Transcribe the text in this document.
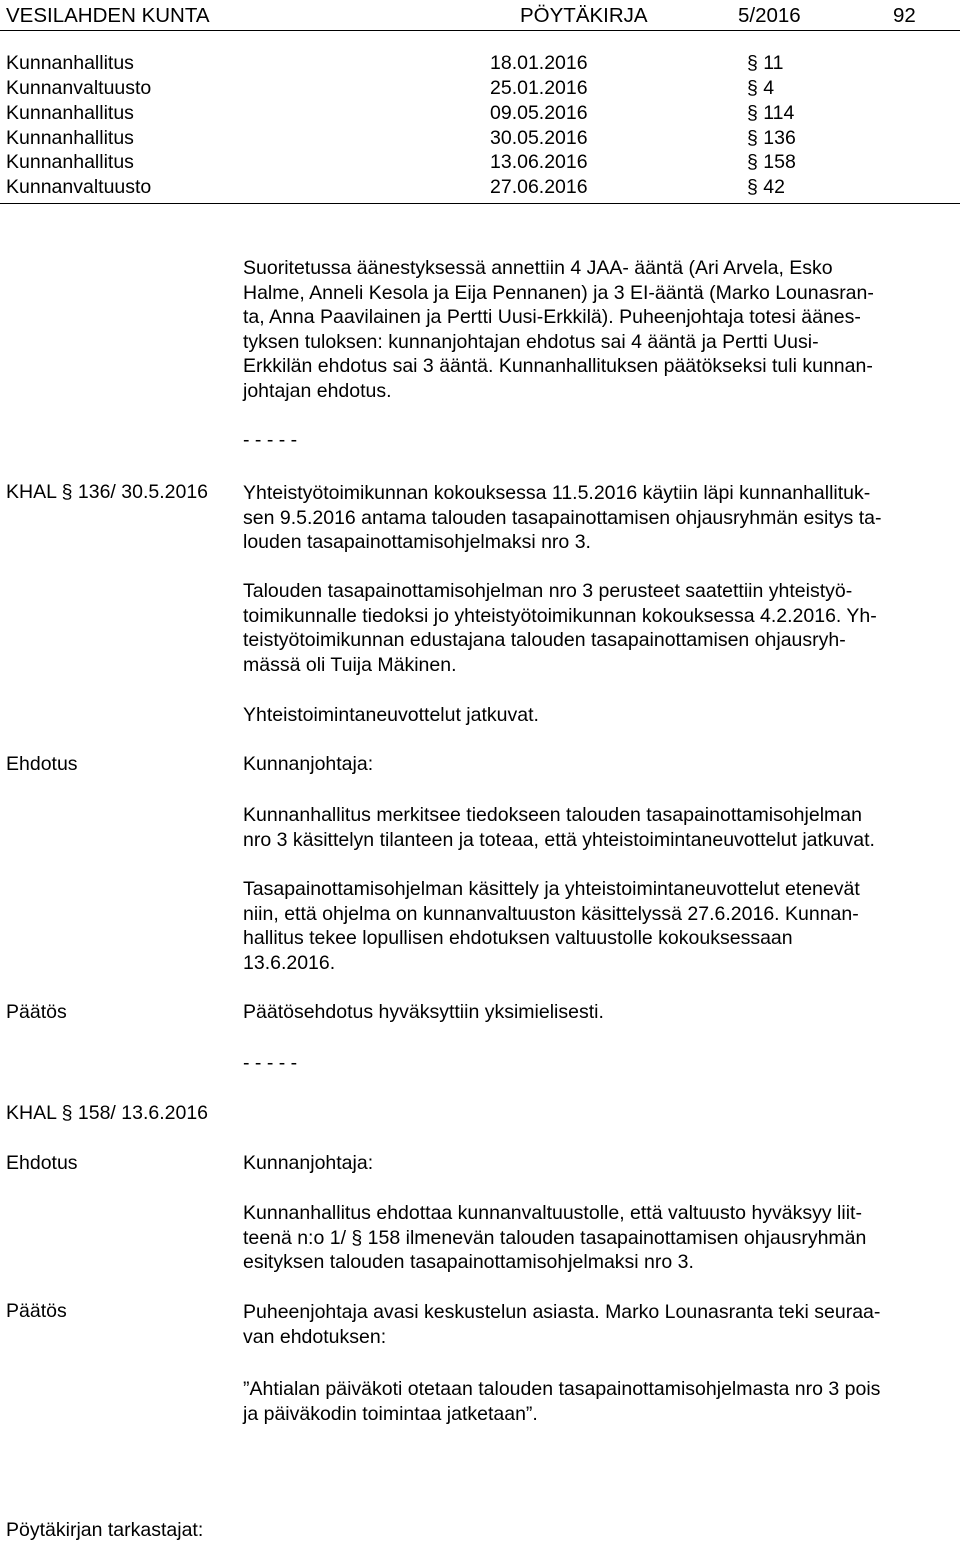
VESILAHDEN KUNTA	PÖYTÄKIRJA	5/2016	92
Kunnanhallitus	18.01.2016	§ 11
Kunnanvaltuusto	25.01.2016	§ 4
Kunnanhallitus	09.05.2016	§ 114
Kunnanhallitus	30.05.2016	§ 136
Kunnanhallitus	13.06.2016	§ 158
Kunnanvaltuusto	27.06.2016	§ 42

Suoritetussa äänestyksessä annettiin 4 JAA- ääntä (Ari Arvela, Esko

Halme, Anneli Kesola ja Eija Pennanen) ja 3 EI-ääntä (Marko Lounasran-

ta, Anna Paavilainen ja Pertti Uusi-Erkkilä). Puheenjohtaja totesi äänes-

tyksen tuloksen: kunnanjohtajan ehdotus sai 4 ääntä ja Pertti Uusi-

Erkkilän ehdotus sai 3 ääntä. Kunnanhallituksen päätökseksi tuli kunnan-

johtajan ehdotus.

- - - - -
KHAL § 136/ 30.5.2016 Yhteistyötoimikunnan kokouksessa 11.5.2016 käytiin läpi kunnanhallituk-

sen 9.5.2016 antama talouden tasapainottamisen ohjausryhmän esitys ta-

louden tasapainottamisohjelmaksi nro 3.

Talouden tasapainottamisohjelman nro 3 perusteet saatettiin yhteistyö-

toimikunnalle tiedoksi jo yhteistyötoimikunnan kokouksessa 4.2.2016. Yh-

teistyötoimikunnan edustajana talouden tasapainottamisen ohjausryh-

mässä oli Tuija Mäkinen.

Yhteistoimintaneuvottelut jatkuvat.
Ehdotus	Kunnanjohtaja:

Kunnanhallitus merkitsee tiedokseen talouden tasapainottamisohjelman

nro 3 käsittelyn tilanteen ja toteaa, että yhteistoimintaneuvottelut jatkuvat.

Tasapainottamisohjelman käsittely ja yhteistoimintaneuvottelut etenevät

niin, että ohjelma on kunnanvaltuuston käsittelyssä 27.6.2016. Kunnan-

hallitus tekee lopullisen ehdotuksen valtuustolle kokouksessaan

13.6.2016.

Päätös	Päätösehdotus hyväksyttiin yksimielisesti.
- - - - -
KHAL § 158/ 13.6.2016
Ehdotus	Kunnanjohtaja:

Kunnanhallitus ehdottaa kunnanvaltuustolle, että valtuusto hyväksyy liit-

teenä n:o 1/ § 158 ilmenevän talouden tasapainottamisen ohjausryhmän

esityksen talouden tasapainottamisohjelmaksi nro 3.

Päätös	Puheenjohtaja avasi keskustelun asiasta. Marko Lounasranta teki seuraa-

van ehdotuksen:

”Ahtialan päiväkoti otetaan talouden tasapainottamisohjelmasta nro 3 pois

ja päiväkodin toimintaa jatketaan”.

Pöytäkirjan tarkastajat:
